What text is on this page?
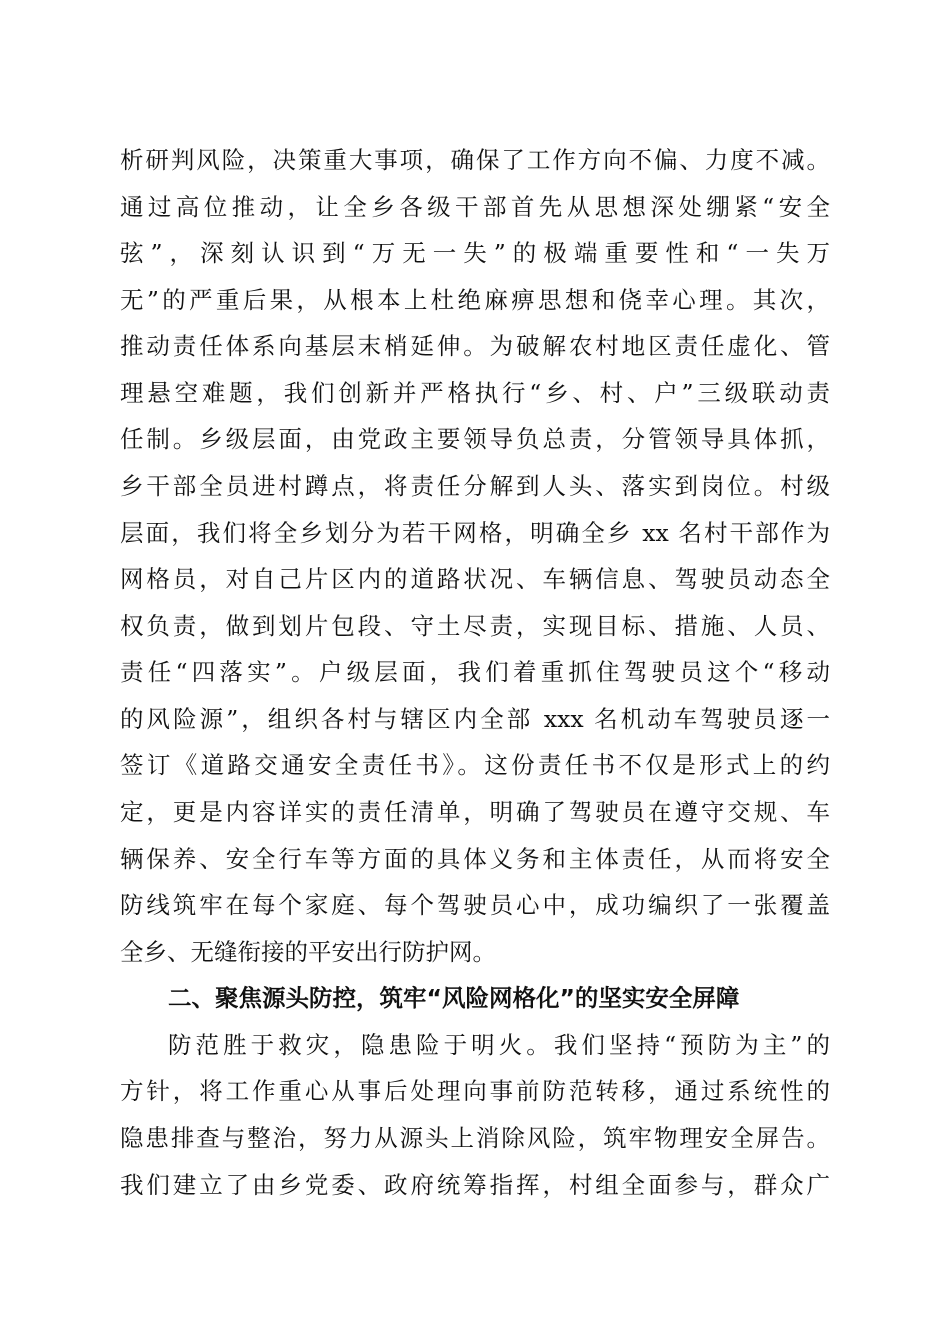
析研判风险，决策重大事项，确保了工作方向不偏、力度不减。
通过高位推动，让全乡各级干部首先从思想深处绷紧“安全
弦”，深刻认识到“万无一失”的极端重要性和“一失万
无”的严重后果，从根本上杜绝麻痹思想和侥幸心理。其次，
推动责任体系向基层末梢延伸。为破解农村地区责任虚化、管
理悬空难题，我们创新并严格执行“乡、村、户”三级联动责
任制。乡级层面，由党政主要领导负总责，分管领导具体抓，
乡干部全员进村蹲点，将责任分解到人头、落实到岗位。村级
层面，我们将全乡划分为若干网格，明确全乡 xx 名村干部作为
网格员，对自己片区内的道路状况、车辆信息、驾驶员动态全
权负责，做到划片包段、守土尽责，实现目标、措施、人员、
责任“四落实”。户级层面，我们着重抓住驾驶员这个“移动
的风险源”，组织各村与辖区内全部 xxx 名机动车驾驶员逐一
签订《道路交通安全责任书》。这份责任书不仅是形式上的约
定，更是内容详实的责任清单，明确了驾驶员在遵守交规、车
辆保养、安全行车等方面的具体义务和主体责任，从而将安全
防线筑牢在每个家庭、每个驾驶员心中，成功编织了一张覆盖
全乡、无缝衔接的平安出行防护网。
二、聚焦源头防控，筑牢“风险网格化”的坚实安全屏障
防范胜于救灾，隐患险于明火。我们坚持“预防为主”的
方针，将工作重心从事后处理向事前防范转移，通过系统性的
隐患排查与整治，努力从源头上消除风险，筑牢物理安全屏告。
我们建立了由乡党委、政府统筹指挥，村组全面参与，群众广
